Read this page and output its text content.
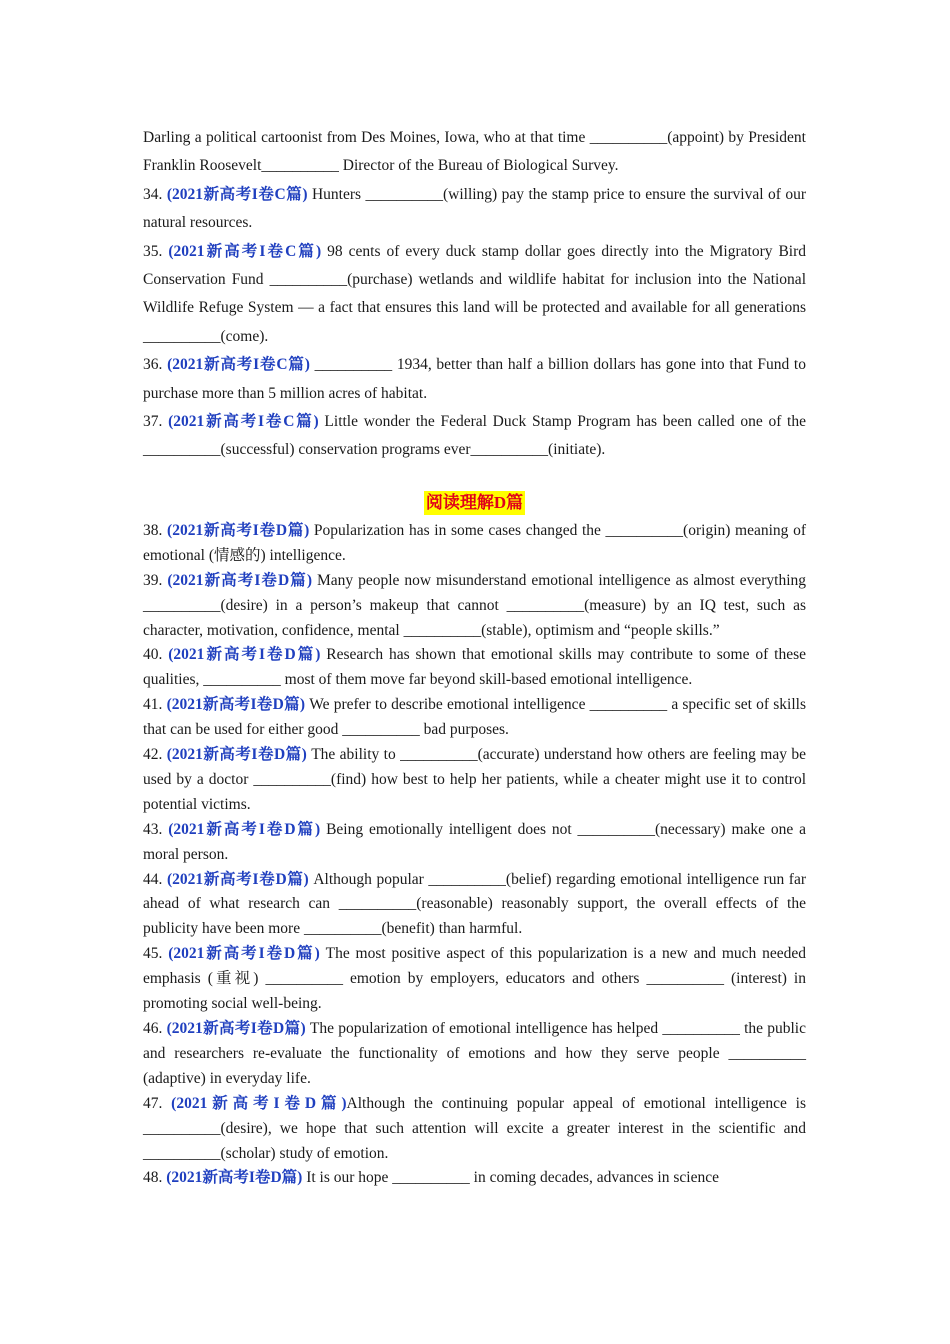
Darling a political cartoonist from Des Moines, Iowa, who at that time __________(appoint) by President Franklin Roosevelt__________ Director of the Bureau of Biological Survey.

34. (2021新高考I卷C篇) Hunters __________(willing) pay the stamp price to ensure the survival of our natural resources.

35. (2021新高考I卷C篇) 98 cents of every duck stamp dollar goes directly into the Migratory Bird Conservation Fund __________(purchase) wetlands and wildlife habitat for inclusion into the National Wildlife Refuge System — a fact that ensures this land will be protected and available for all generations __________(come).

36. (2021新高考I卷C篇) __________ 1934, better than half a billion dollars has gone into that Fund to purchase more than 5 million acres of habitat.

37. (2021新高考I卷C篇) Little wonder the Federal Duck Stamp Program has been called one of the __________(successful) conservation programs ever__________(initiate).

阅读理解D篇

38. (2021新高考I卷D篇) Popularization has in some cases changed the __________(origin) meaning of emotional (情感的) intelligence.

39. (2021新高考I卷D篇) Many people now misunderstand emotional intelligence as almost everything __________(desire) in a person’s makeup that cannot __________(measure) by an IQ test, such as character, motivation, confidence, mental __________(stable), optimism and “people skills.”

40. (2021新高考I卷D篇) Research has shown that emotional skills may contribute to some of these qualities, __________ most of them move far beyond skill-based emotional intelligence.

41. (2021新高考I卷D篇) We prefer to describe emotional intelligence __________ a specific set of skills that can be used for either good __________ bad purposes.

42. (2021新高考I卷D篇) The ability to __________(accurate) understand how others are feeling may be used by a doctor __________(find) how best to help her patients, while a cheater might use it to control potential victims.

43. (2021新高考I卷D篇) Being emotionally intelligent does not __________(necessary) make one a moral person.

44. (2021新高考I卷D篇) Although popular __________(belief) regarding emotional intelligence run far ahead of what research can __________(reasonable) reasonably support, the overall effects of the publicity have been more __________(benefit) than harmful.

45. (2021新高考I卷D篇) The most positive aspect of this popularization is a new and much needed emphasis (重视) __________ emotion by employers, educators and others __________ (interest) in promoting social well-being.

46. (2021新高考I卷D篇) The popularization of emotional intelligence has helped __________ the public and researchers re-evaluate the functionality of emotions and how they serve people __________ (adaptive) in everyday life.

47. (2021新高考I卷D篇)Although the continuing popular appeal of emotional intelligence is __________(desire), we hope that such attention will excite a greater interest in the scientific and __________(scholar) study of emotion.

48. (2021新高考I卷D篇) It is our hope __________ in coming decades, advances in science
